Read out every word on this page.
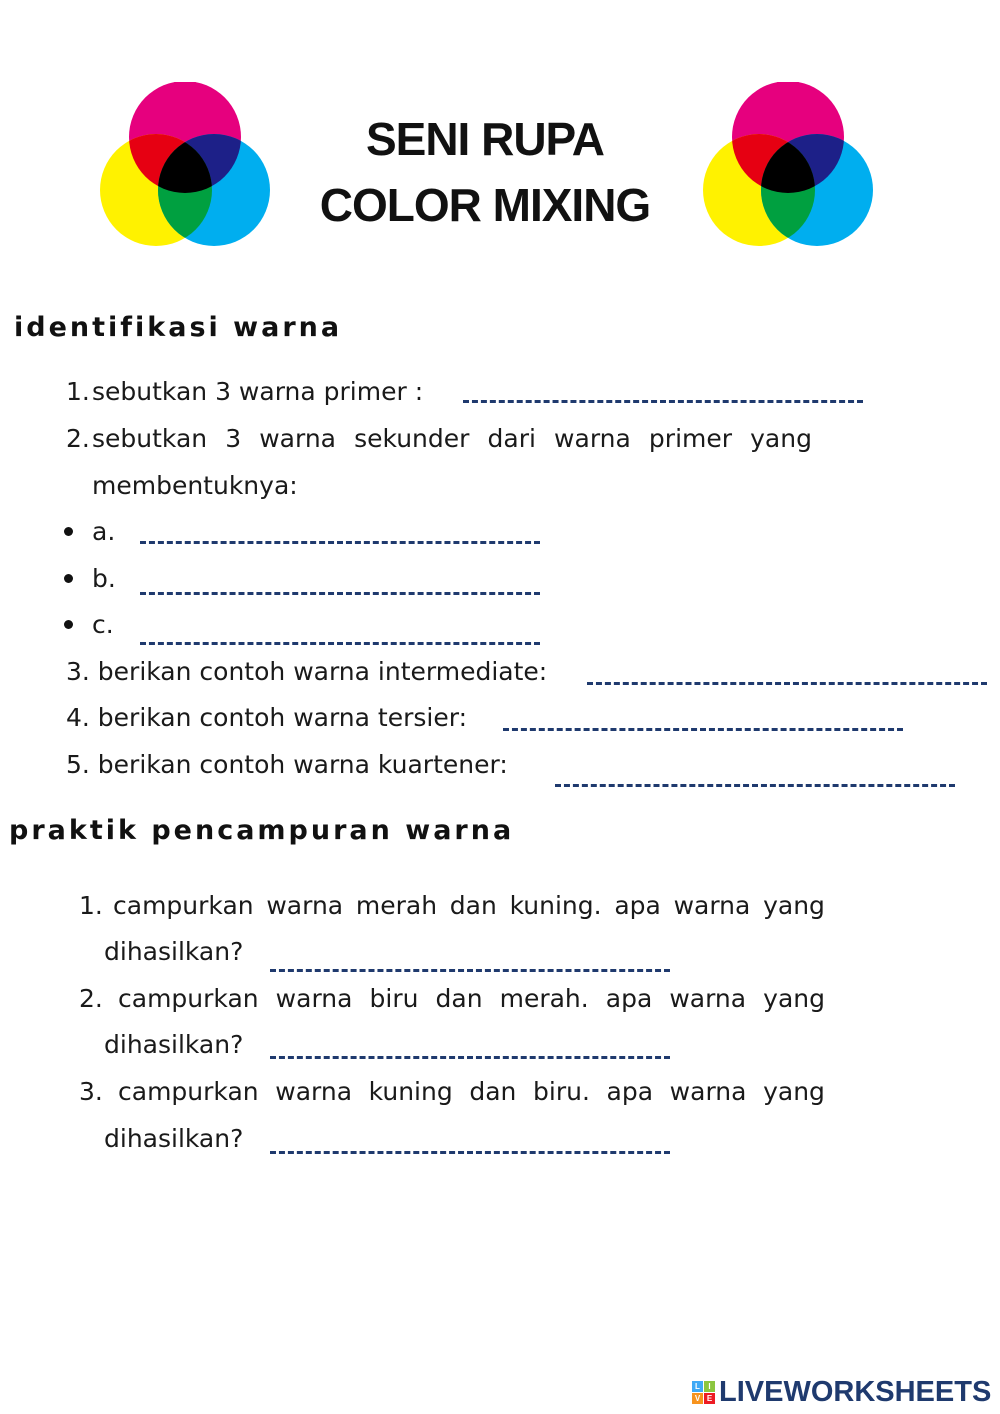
SENI RUPA
COLOR MIXING
identifikasi warna
1. sebutkan 3 warna primer :
2. sebutkan 3 warna sekunder dari warna primer yang
membentuknya:
a.
b.
c.
3. berikan contoh warna intermediate:
4. berikan contoh warna tersier:
5. berikan contoh warna kuartener:
praktik pencampuran warna
1. campurkan warna merah dan kuning. apa warna yang
dihasilkan?
2. campurkan warna biru dan merah. apa warna yang
dihasilkan?
3. campurkan warna kuning dan biru. apa warna yang
dihasilkan?
L	I
V E LIVEWORKSHEETS
